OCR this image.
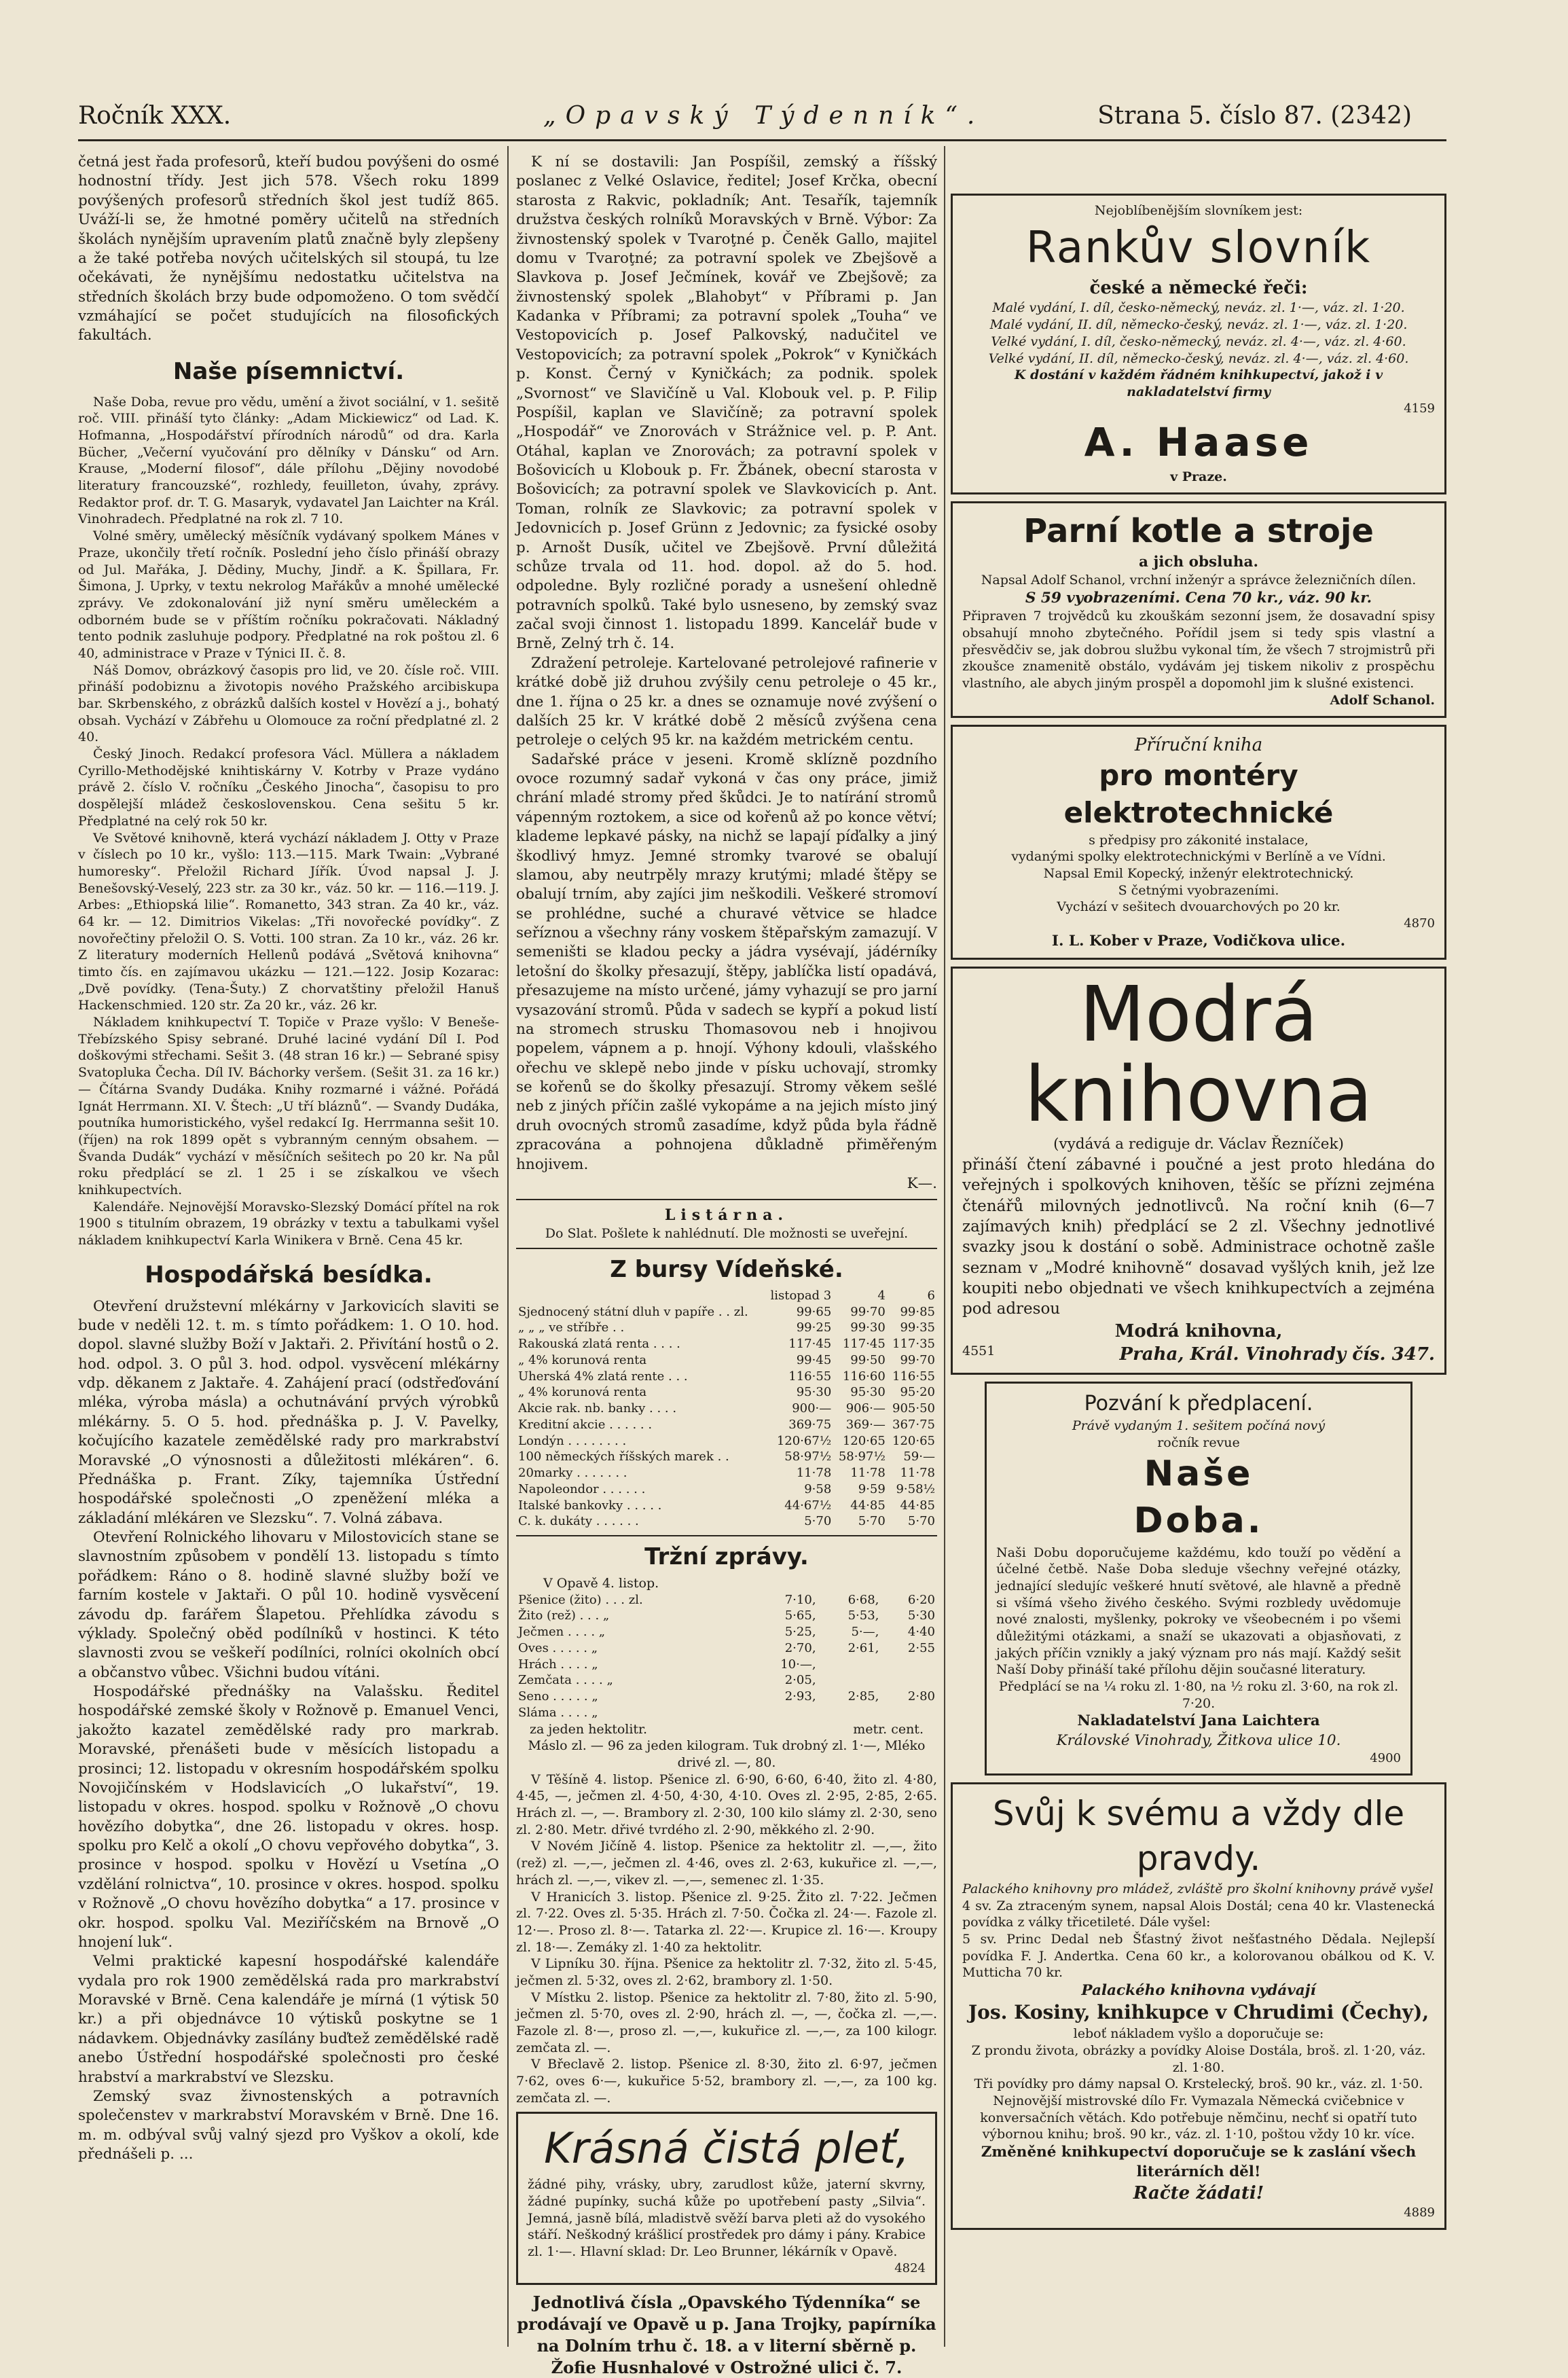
Ročník XXX.	„Opavský Týdenník“.	Strana 5. číslo 87. (2342)

četná jest řada profesorů, kteří budou povýšeni do osmé hodnostní třídy. Jest jich 578. Všech roku 1899 povýšených profesorů středních škol jest tudíž 865. Uváží-li se, že hmotné poměry učitelů na středních školách nynějším upravením platů značně byly zlepšeny a že také potřeba nových učitelských sil stoupá, tu lze očekávati, že nynějšímu nedostatku učitelstva na středních školách brzy bude odpomoženo. O tom svědčí vzmáhající se počet studujících na filosofických fakultách.

Naše písemnictví.

Naše Doba, revue pro vědu, umění a život sociální, v 1. sešitě roč. VIII. přináší tyto články: „Adam Mickiewicz“ od Lad. K. Hofmanna, „Hospodářství přírodních národů“ od dra. Karla Bücher, „Večerní vyučování pro dělníky v Dánsku“ od Arn. Krause, „Moderní filosof“, dále přílohu „Dějiny novodobé literatury francouzské“, rozhledy, feuilleton, úvahy, zprávy. Redaktor prof. dr. T. G. Masaryk, vydavatel Jan Laichter na Král. Vinohradech. Předplatné na rok zl. 7 10.

Volné směry, umělecký měsíčník vydávaný spolkem Mánes v Praze, ukončily třetí ročník. Poslední jeho číslo přináší obrazy od Jul. Mařáka, J. Dědiny, Muchy, Jindř. a K. Špillara, Fr. Šimona, J. Uprky, v textu nekrolog Mařákův a mnohé umělecké zprávy. Ve zdokonalování již nyní směru uměleckém a odborném bude se v příštím ročníku pokračovati. Nákladný tento podnik zasluhuje podpory. Předplatné na rok poštou zl. 6 40, administrace v Praze v Týnici II. č. 8.

Náš Domov, obrázkový časopis pro lid, ve 20. čísle roč. VIII. přináší podobiznu a životopis nového Pražského arcibiskupa bar. Skrbenského, z obrázků dalších kostel v Hovězí a j., bohatý obsah. Vychází v Zábřehu u Olomouce za roční předplatné zl. 2 40.

Český Jinoch. Redakcí profesora Václ. Müllera a nákladem Cyrillo-Methodějské knihtiskárny V. Kotrby v Praze vydáno právě 2. číslo V. ročníku „Českého Jinocha“, časopisu to pro dospělejší mládež československou. Cena sešitu 5 kr. Předplatné na celý rok 50 kr.

Ve Světové knihovně, která vychází nákladem J. Otty v Praze v číslech po 10 kr., vyšlo: 113.—115. Mark Twain: „Vybrané humoresky“. Přeložil Richard Jířík. Úvod napsal J. J. Benešovský-Veselý, 223 str. za 30 kr., váz. 50 kr. — 116.—119. J. Arbes: „Ethiopská lilie“. Romanetto, 343 stran. Za 40 kr., váz. 64 kr. — 12. Dimitrios Vikelas: „Tři novořecké povídky“. Z novořečtiny přeložil O. S. Votti. 100 stran. Za 10 kr., váz. 26 kr. Z literatury moderních Hellenů podává „Světová knihovna“ timto čís. en zajímavou ukázku — 121.—122. Josip Kozarac: „Dvě povídky. (Tena-Šuty.) Z chorvatštiny přeložil Hanuš Hackenschmied. 120 str. Za 20 kr., váz. 26 kr.

Nákladem knihkupectví T. Topiče v Praze vyšlo: V Beneše-Třebízského Spisy sebrané. Druhé laciné vydání Díl I. Pod doškovými střechami. Sešit 3. (48 stran 16 kr.) — Sebrané spisy Svatopluka Čecha. Díl IV. Báchorky veršem. (Sešit 31. za 16 kr.) — Čítárna Svandy Dudáka. Knihy rozmarné i vážné. Pořádá Ignát Herrmann. XI. V. Štech: „U tří bláznů“. — Svandy Dudáka, poutníka humoristického, vyšel redakcí Ig. Herrmanna sešit 10. (říjen) na rok 1899 opět s vybranným cenným obsahem. — Švanda Dudák“ vychází v měsíčních sešitech po 20 kr. Na půl roku předplácí se zl. 1 25 i se získalkou ve všech knihkupectvích.

Kalendáře. Nejnovější Moravsko-Slezský Domácí přítel na rok 1900 s titulním obrazem, 19 obrázky v textu a tabulkami vyšel nákladem knihkupectví Karla Winikera v Brně. Cena 45 kr.

Hospodářská besídka.

Otevření družstevní mlékárny v Jarkovicích slaviti se bude v neděli 12. t. m. s tímto pořádkem: 1. O 10. hod. dopol. slavné služby Boží v Jaktaři. 2. Přivítání hostů o 2. hod. odpol. 3. O půl 3. hod. odpol. vysvěcení mlékárny vdp. děkanem z Jaktaře. 4. Zahájení prací (odstřeďování mléka, výroba másla) a ochutnávání prvých výrobků mlékárny. 5. O 5. hod. přednáška p. J. V. Pavelky, kočujícího kazatele zemědělské rady pro markrabství Moravské „O výnosnosti a důležitosti mlékáren“. 6. Přednáška p. Frant. Zíky, tajemníka Ústřední hospodářské společnosti „O zpeněžení mléka a základání mlékáren ve Slezsku“. 7. Volná zábava.

Otevření Rolnického lihovaru v Milostovicích stane se slavnostním způsobem v pondělí 13. listopadu s tímto pořádkem: Ráno o 8. hodině slavné služby boží ve farním kostele v Jaktaři. O půl 10. hodině vysvěcení závodu dp. farářem Šlapetou. Přehlídka závodu s výklady. Společný oběd podílníků v hostinci. K této slavnosti zvou se veškeří podílníci, rolníci okolních obcí a občanstvo vůbec. Všichni budou vítáni.

Hospodářské přednášky na Valašsku. Ředitel hospodářské zemské školy v Rožnově p. Emanuel Venci, jakožto kazatel zemědělské rady pro markrab. Moravské, přenášeti bude v měsících listopadu a prosinci; 12. listopadu v okresním hospodářském spolku Novojičínském v Hodslavicích „O lukařství“, 19. listopadu v okres. hospod. spolku v Rožnově „O chovu hovězího dobytka“, dne 26. listopadu v okres. hosp. spolku pro Kelč a okolí „O chovu vepřového dobytka“, 3. prosince v hospod. spolku v Hovězí u Vsetína „O vzdělání rolnictva“, 10. prosince v okres. hospod. spolku v Rožnově „O chovu hovězího dobytka“ a 17. prosince v okr. hospod. spolku Val. Meziříčském na Brnově „O hnojení luk“.

Velmi praktické kapesní hospodářské kalendáře vydala pro rok 1900 zemědělská rada pro markrabství Moravské v Brně. Cena kalendáře je mírná (1 výtisk 50 kr.) a při objednávce 10 výtisků poskytne se 1 nádavkem. Objednávky zasílány buďtež zemědělské radě anebo Ústřední hospodářské společnosti pro české hrabství a markrabství ve Slezsku.

Zemský svaz živnostenských a potravních společenstev v markrabství Moravském v Brně. Dne 16. m. m. odbýval svůj valný sjezd pro Vyškov a okolí, kde přednášeli p. ...

K ní se dostavili: Jan Pospíšil, zemský a říšský poslanec z Velké Oslavice, ředitel; Josef Krčka, obecní starosta z Rakvic, pokladník; Ant. Tesařík, tajemník družstva českých rolníků Moravských v Brně. Výbor: Za živnostenský spolek v Tvaroţné p. Čeněk Gallo, majitel domu v Tvaroţné; za potravní spolek ve Zbejšově a Slavkova p. Josef Ječmínek, kovář ve Zbejšově; za živnostenský spolek „Blahobyt“ v Příbrami p. Jan Kadanka v Příbrami; za potravní spolek „Touha“ ve Vestopovicích p. Josef Palkovský, nadučitel ve Vestopovicích; za potravní spolek „Pokrok“ v Kyničkách p. Konst. Černý v Kyničkách; za podnik. spolek „Svornost“ ve Slavičíně u Val. Klobouk vel. p. P. Filip Pospíšil, kaplan ve Slavičíně; za potravní spolek „Hospodář“ ve Znorovách v Strážnice vel. p. P. Ant. Otáhal, kaplan ve Znorovách; za potravní spolek v Bošovicích u Klobouk p. Fr. Žbánek, obecní starosta v Bošovicích; za potravní spolek ve Slavkovicích p. Ant. Toman, rolník ze Slavkovic; za potravní spolek v Jedovnicích p. Josef Grünn z Jedovnic; za fysické osoby p. Arnošt Dusík, učitel ve Zbejšově. První důležitá schůze trvala od 11. hod. dopol. až do 5. hod. odpoledne. Byly rozličné porady a usnešení ohledně potravních spolků. Také bylo usneseno, by zemský svaz začal svoji činnost 1. listopadu 1899. Kancelář bude v Brně, Zelný trh č. 14.

Zdražení petroleje. Kartelované petrolejové rafinerie v krátké době již druhou zvýšily cenu petroleje o 45 kr., dne 1. října o 25 kr. a dnes se oznamuje nové zvýšení o dalších 25 kr. V krátké době 2 měsíců zvýšena cena petroleje o celých 95 kr. na každém metrickém centu.

Sadařské práce v jeseni. Kromě sklízně pozdního ovoce rozumný sadař vykoná v čas ony práce, jimiž chrání mladé stromy před škůdci. Je to natírání stromů vápenným roztokem, a sice od kořenů až po konce větví; klademe lepkavé pásky, na nichž se lapají píďalky a jiný škodlivý hmyz. Jemné stromky tvarové se obalují slamou, aby neutrpěly mrazy krutými; mladé štěpy se obalují trním, aby zajíci jim neškodili. Veškeré stromoví se prohlédne, suché a churavé větvice se hladce seříznou a všechny rány voskem štěpařským zamazují. V semeništi se kladou pecky a jádra vysévají, jádérníky letošní do školky přesazují, štěpy, jablíčka listí opadává, přesazujeme na místo určené, jámy vyhazují se pro jarní vysazování stromů. Půda v sadech se kypří a pokud listí na stromech strusku Thomasovou neb i hnojivou popelem, vápnem a p. hnojí. Výhony kdouli, vlašského ořechu ve sklepě nebo jinde v písku uchovají, stromky se kořenů se do školky přesazují. Stromy věkem sešlé neb z jiných příčin zašlé vykopáme a na jejich místo jiný druh ovocných stromů zasadíme, když půda byla řádně zpracována a pohnojena důkladně přiměřeným hnojivem.

K—.
Listárna.
Do Slat. Pošlete k nahlédnutí. Dle možnosti se uveřejní.
Z bursy Vídeňské.
	listopad 3	4	6
Sjednocený státní dluh v papíře . . zl.	99·65	99·70	99·85
„ „ „ ve stříbře . .	99·25	99·30	99·35
Rakouská zlatá renta . . . .	117·45	117·45	117·35
„ 4% korunová renta	99·45	99·50	99·70
Uherská 4% zlatá rente . . .	116·55	116·60	116·55
„ 4% korunová renta	95·30	95·30	95·20
Akcie rak. nb. banky . . . .	900·—	906·—	905·50
Kreditní akcie . . . . . .	369·75	369·—	367·75
Londýn . . . . . . . .	120·67½	120·65	120·65
100 německých říšských marek . .	58·97½	58·97½	59·—
20marky . . . . . . .	11·78	11·78	11·78
Napoleondor . . . . . .	9·58	9·59	9·58½
Italské bankovky . . . . .	44·67½	44·85	44·85
C. k. dukáty . . . . . .	5·70	5·70	5·70
Tržní zprávy.
V Opavě 4. listop.
Pšenice (žito) . . . zl.	7·10,	6·68,	6·20
Žito (rež) . . . „	5·65,	5·53,	5·30
Ječmen . . . . „	5·25,	5·—,	4·40
Oves . . . . . „	2·70,	2·61,	2·55
Hrách . . . . „	10·—,		
Zemčata . . . . „	2·05,		
Seno . . . . . „	2·93,	2·85,	2·80
Sláma . . . . „			
za jeden hektolitr.	metr. cent.
Máslo zl. — 96 za jeden kilogram. Tuk drobný zl. 1·—, Mléko drivé zl. —, 80.

V Těšíně 4. listop. Pšenice zl. 6·90, 6·60, 6·40, žito zl. 4·80, 4·45, —, ječmen zl. 4·50, 4·30, 4·10. Oves zl. 2·95, 2·85, 2·65. Hrách zl. —, —. Brambory zl. 2·30, 100 kilo slámy zl. 2·30, seno zl. 2·80. Metr. dřivé tvrdého zl. 2·90, měkkého zl. 2·90.

V Novém Jičíně 4. listop. Pšenice za hektolitr zl. —,—, žito (rež) zl. —,—, ječmen zl. 4·46, oves zl. 2·63, kukuřice zl. —,—, hrách zl. —,—, vikev zl. —,—, semenec zl. 1·35.

V Hranicích 3. listop. Pšenice zl. 9·25. Žito zl. 7·22. Ječmen zl. 7·22. Oves zl. 5·35. Hrách zl. 7·50. Čočka zl. 24·—. Fazole zl. 12·—. Proso zl. 8·—. Tatarka zl. 22·—. Krupice zl. 16·—. Kroupy zl. 18·—. Zemáky zl. 1·40 za hektolitr.

V Lipníku 30. října. Pšenice za hektolitr zl. 7·32, žito zl. 5·45, ječmen zl. 5·32, oves zl. 2·62, brambory zl. 1·50.

V Místku 2. listop. Pšenice za hektolitr zl. 7·80, žito zl. 5·90, ječmen zl. 5·70, oves zl. 2·90, hrách zl. —, —, čočka zl. —,—. Fazole zl. 8·—, proso zl. —,—, kukuřice zl. —,—, za 100 kilogr. zemčata zl. —.

V Břeclavě 2. listop. Pšenice zl. 8·30, žito zl. 6·97, ječmen 7·62, oves 6·—, kukuřice 5·52, brambory zl. —,—, za 100 kg. zemčata zl. —.

Krásná čistá pleť,
žádné pihy, vrásky, ubry, zarudlost kůže, jaterní skvrny, žádné pupínky, suchá kůže po upotřebení pasty „Silvia“. Jemná, jasně bílá, mladistvě svěží barva pleti až do vysokého stáří. Neškodný krášlicí prostředek pro dámy i pány. Krabice zl. 1·—. Hlavní sklad: Dr. Leo Brunner, lékárník v Opavě.
4824
Jednotlivá čísla „Opavského Týdenníka“ se prodávají ve Opavě u p. Jana Trojky, papírníka na Dolním trhu č. 18. a v literní sběrně p. Žofie Husnhalové v Ostrožné ulici č. 7.
Nejoblíbenějším slovníkem jest:
Rankův slovník
české a německé řeči:
Malé vydání, I. díl, česko-německý, neváz. zl. 1·—, váz. zl. 1·20.
Malé vydání, II. díl, německo-český, neváz. zl. 1·—, váz. zl. 1·20.
Velké vydání, I. díl, česko-německý, neváz. zl. 4·—, váz. zl. 4·60.
Velké vydání, II. díl, německo-český, neváz. zl. 4·—, váz. zl. 4·60.
K dostání v každém řádném knihkupectví, jakož i v nakladatelství firmy
4159
A. Haase
v Praze.
Parní kotle a stroje
a jich obsluha.
Napsal Adolf Schanol, vrchní inženýr a správce železničních dílen.
S 59 vyobrazeními. Cena 70 kr., váz. 90 kr.
Připraven 7 trojvědců ku zkouškám sezonní jsem, že dosavadní spisy obsahují mnoho zbytečného. Pořídil jsem si tedy spis vlastní a přesvědčiv se, jak dobrou službu vykonal tím, že všech 7 strojmistrů při zkoušce znamenitě obstálo, vydávám jej tiskem nikoliv z prospěchu vlastního, ale abych jiným prospěl a dopomohl jim k slušné existenci.
Adolf Schanol.
Příruční kniha
pro montéry elektrotechnické
s předpisy pro zákonité instalace,
vydanými spolky elektrotechnickými v Berlíně a ve Vídni.
Napsal Emil Kopecký, inženýr elektrotechnický.
S četnými vyobrazeními.
Vychází v sešitech dvouarchových po 20 kr.
4870
I. L. Kober v Praze, Vodičkova ulice.
Modrá knihovna
(vydává a rediguje dr. Václav Řezníček)
přináší čtení zábavné i poučné a jest proto hledána do veřejných i spolkových knihoven, těšíc se přízni zejména čtenářů milovných jednotlivců. Na roční knih (6—7 zajímavých knih) předplácí se 2 zl. Všechny jednotlivé svazky jsou k dostání o sobě. Administrace ochotně zašle seznam v „Modré knihovně“ dosavad vyšlých knih, jež lze koupiti nebo objednati ve všech knihkupectvích a zejména pod adresou
Modrá knihovna,
4551	Praha, Král. Vinohrady čís. 347.
Pozvání k předplacení.
Právě vydaným 1. sešitem počíná nový
ročník revue
Naše
Doba.
Naši Dobu doporučujeme každému, kdo touží po vědění a účelné četbě. Naše Doba sleduje všechny veřejné otázky, jednající sledujíc veškeré hnutí světové, ale hlavně a předně si všímá všeho živého českého. Svými rozbledy uvědomuje nové znalosti, myšlenky, pokroky ve všeobecném i po všemi důležitými otázkami, a snaží se ukazovati a objasňovati, z jakých příčin vznikly a jaký význam pro nás mají. Každý sešit Naší Doby přináší také přílohu dějin současné literatury.
Předplácí se na ¼ roku zl. 1·80, na ½ roku zl. 3·60, na rok zl. 7·20.
Nakladatelství Jana Laichtera
Královské Vinohrady, Žitkova ulice 10.
4900
Svůj k svému a vždy dle pravdy.
Palackého knihovny pro mládež, zvláště pro školní knihovny právě vyšel
4 sv. Za ztraceným synem, napsal Alois Dostál; cena 40 kr. Vlastenecká povídka z války třicetileté. Dále vyšel:
5 sv. Princ Dedal neb Šťastný život nešťastného Dědala. Nejlepší povídka F. J. Andertka. Cena 60 kr., a kolorovanou obálkou od K. V. Mutticha 70 kr.
Palackého knihovna vydávají
Jos. Kosiny, knihkupce v Chrudimi (Čechy),
leboť nákladem vyšlo a doporučuje se:
Z prondu života, obrázky a povídky Aloise Dostála, broš. zl. 1·20, váz. zl. 1·80.
Tři povídky pro dámy napsal O. Krstelecký, broš. 90 kr., váz. zl. 1·50.
Nejnovější mistrovské dílo Fr. Vymazala Německá cvičebnice v konversačních větách. Kdo potřebuje němčinu, nechť si opatří tuto výbornou knihu; broš. 90 kr., váz. zl. 1·10, poštou vždy 10 kr. více.
Změněné knihkupectví doporučuje se k zaslání všech literárních děl!
Račte žádati!
4889
